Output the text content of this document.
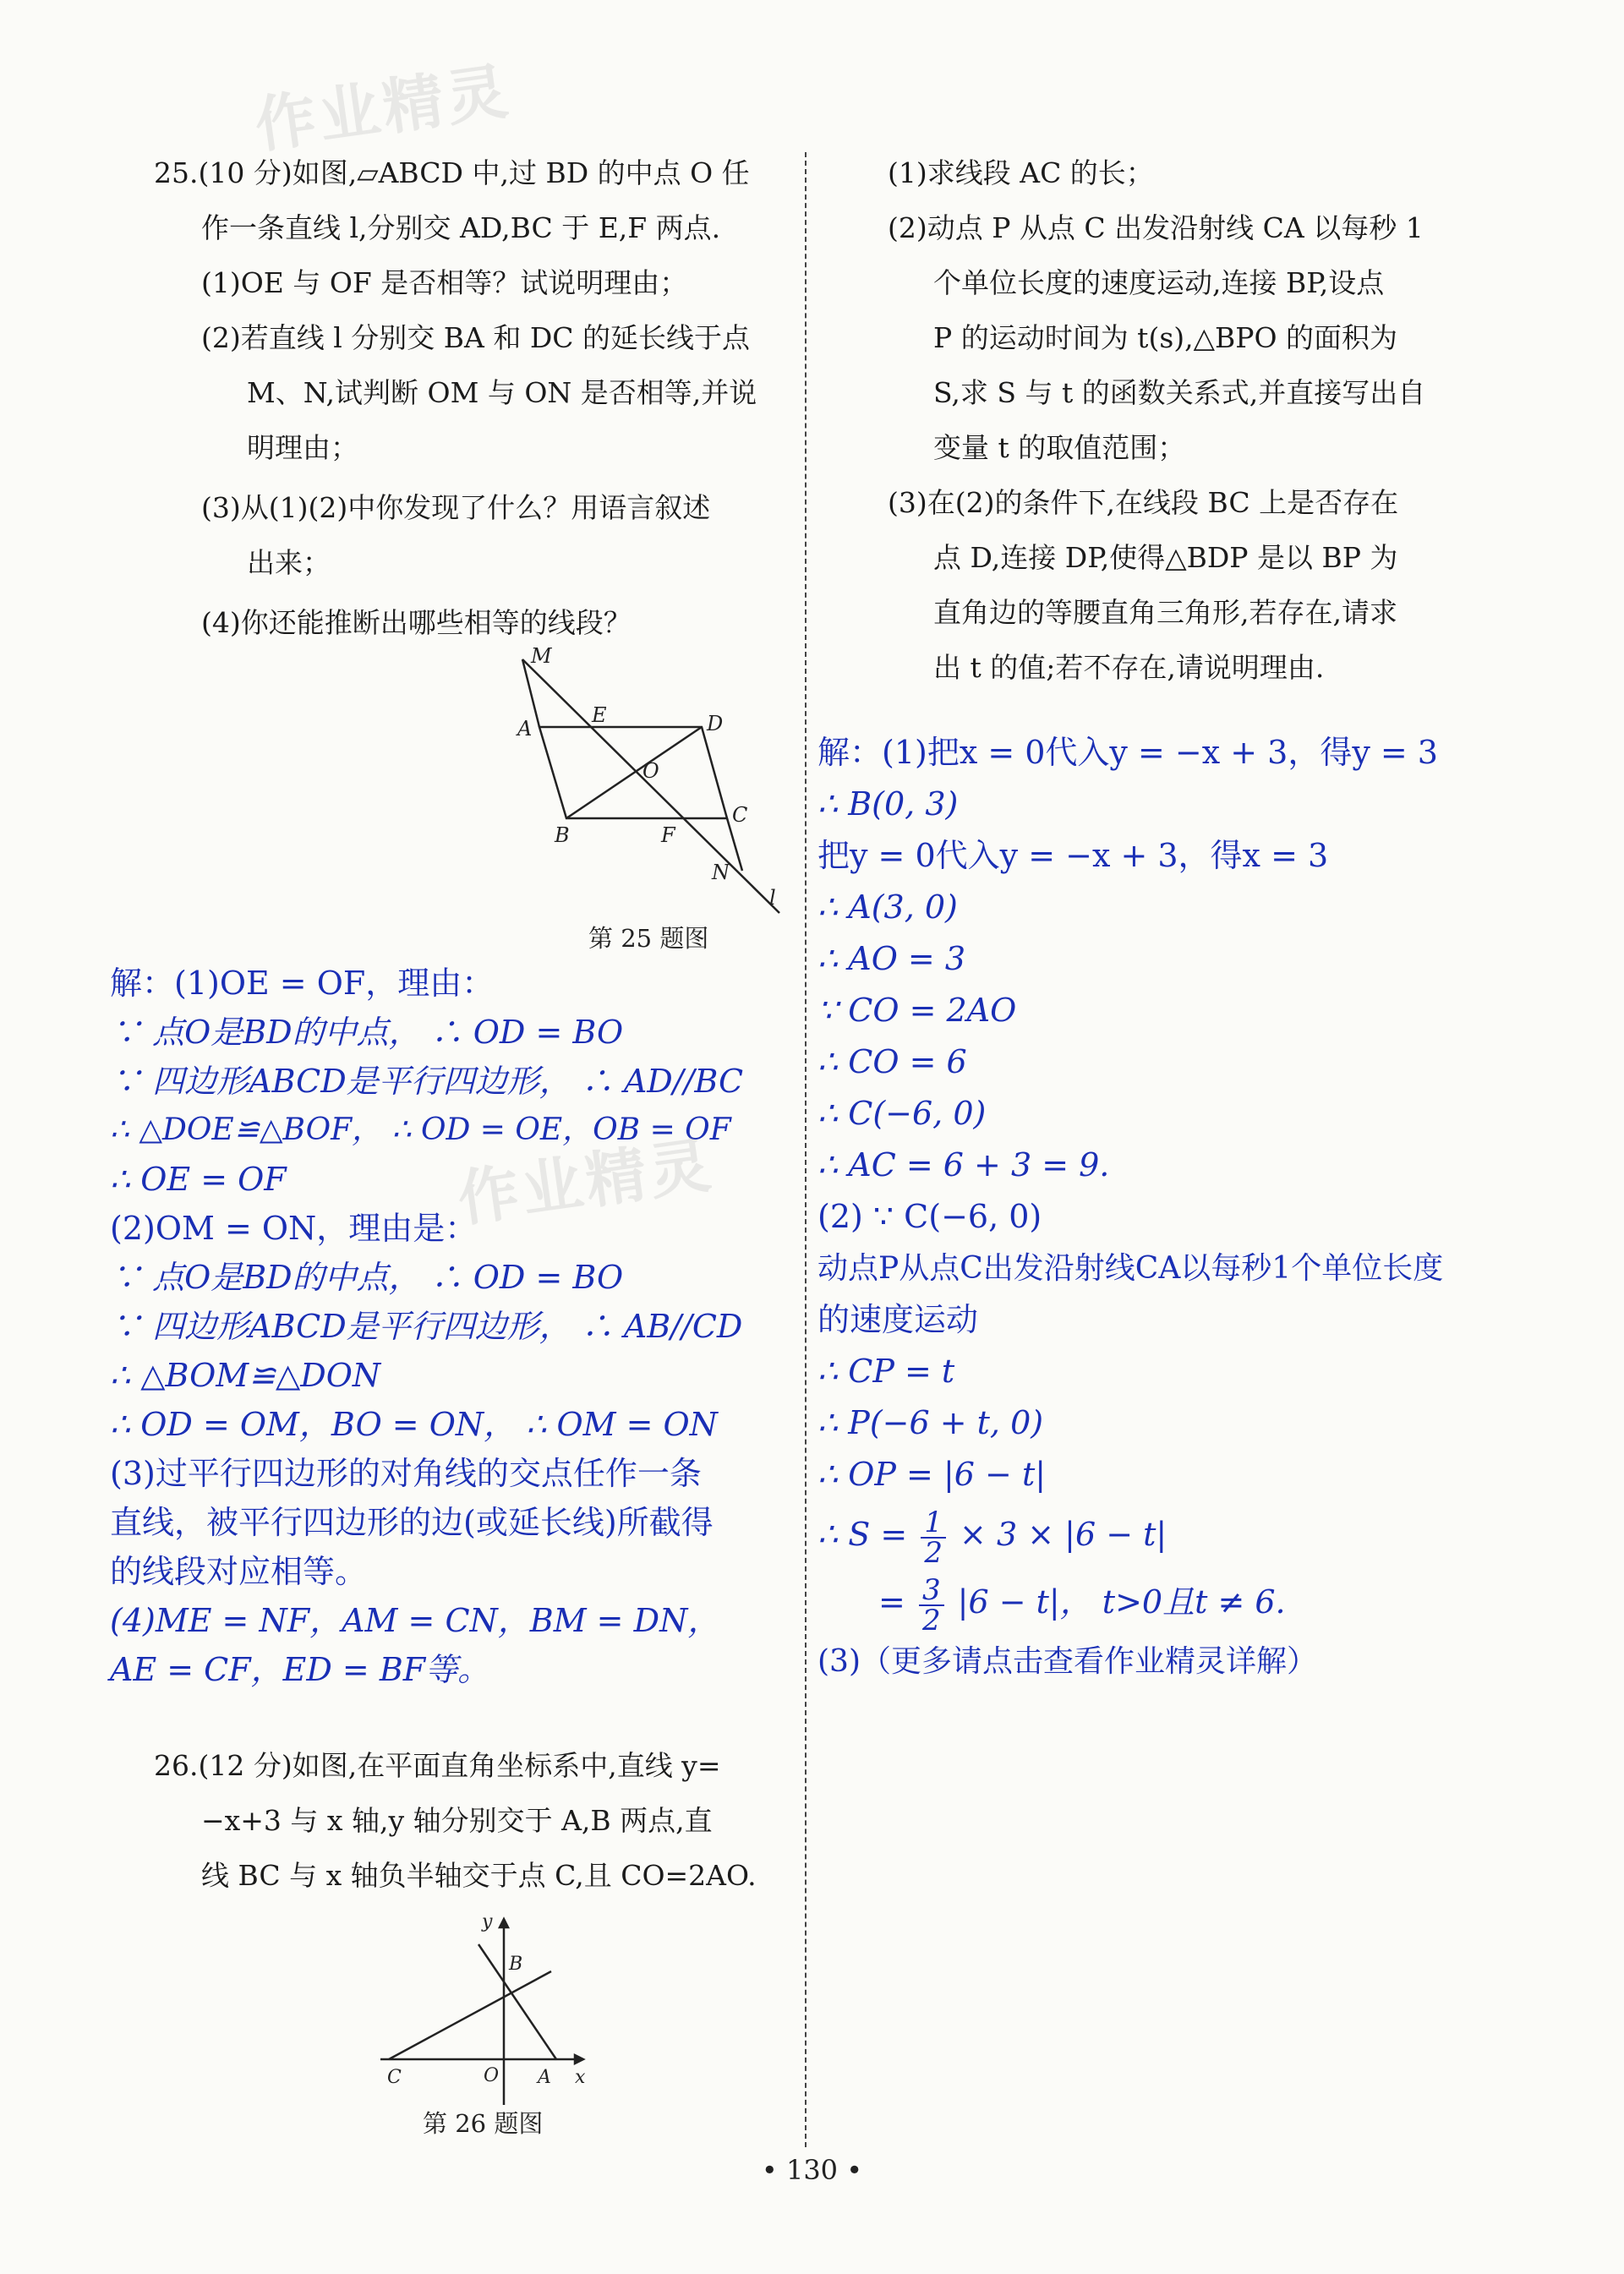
25.(10 分)如图,▱ABCD 中,过 BD 的中点 O 任
作一条直线 l,分别交 AD,BC 于 E,F 两点.
(1)OE 与 OF 是否相等？试说明理由；
(2)若直线 l 分别交 BA 和 DC 的延长线于点
M、N,试判断 OM 与 ON 是否相等,并说
明理由；
(3)从(1)(2)中你发现了什么？用语言叙述
出来；
(4)你还能推断出哪些相等的线段？
M
A
E	D
O
B	F
C
N
l
第 25 题图
解：(1)OE = OF，理由：
∵ 点O是BD的中点， ∴ OD = BO
∵ 四边形ABCD是平行四边形， ∴ AD//BC
∴ △DOE≌△BOF， ∴ OD = OE，OB = OF
∴ OE = OF
(2)OM = ON，理由是：
∵ 点O是BD的中点， ∴ OD = BO
∵ 四边形ABCD是平行四边形， ∴ AB//CD
∴ △BOM≌△DON
∴ OD = OM，BO = ON， ∴ OM = ON
(3)过平行四边形的对角线的交点任作一条
直线，被平行四边形的边(或延长线)所截得
的线段对应相等。
(4)ME = NF，AM = CN，BM = DN，
AE = CF，ED = BF等。
26.(12 分)如图,在平面直角坐标系中,直线 y=
−x+3 与 x 轴,y 轴分别交于 A,B 两点,直
线 BC 与 x 轴负半轴交于点 C,且 CO=2AO.
y
B
C	O A x
第 26 题图
(1)求线段 AC 的长；
(2)动点 P 从点 C 出发沿射线 CA 以每秒 1
个单位长度的速度运动,连接 BP,设点
P 的运动时间为 t(s),△BPO 的面积为
S,求 S 与 t 的函数关系式,并直接写出自
变量 t 的取值范围；
(3)在(2)的条件下,在线段 BC 上是否存在
点 D,连接 DP,使得△BDP 是以 BP 为
直角边的等腰直角三角形,若存在,请求
出 t 的值;若不存在,请说明理由.
解：(1)把x = 0代入y = −x + 3，得y = 3
∴ B(0, 3)
把y = 0代入y = −x + 3，得x = 3
∴ A(3, 0)
∴ AO = 3
∵ CO = 2AO
∴ CO = 6
∴ C(−6, 0)
∴ AC = 6 + 3 = 9.
(2) ∵ C(−6, 0)
动点P从点C出发沿射线CA以每秒1个单位长度
的速度运动
∴ CP = t
∴ P(−6 + t, 0)
∴ OP = |6 − t|
∴ $S = \frac{1}{2} \times 3 \times |6 - t|$
= $\frac{3}{2} |6 - t|$， t>0且t ≠ 6.
(3)（更多请点击查看作业精灵详解）
作业精灵
作业精灵
• 130 •
